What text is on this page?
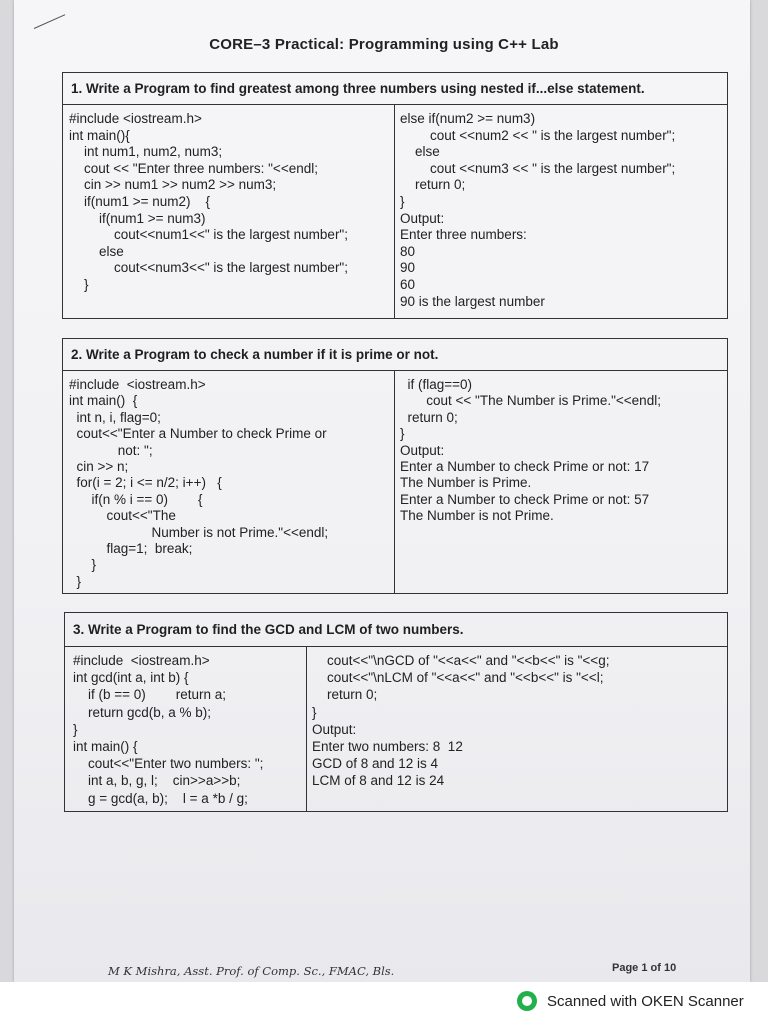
CORE–3 Practical: Programming using C++ Lab
1. Write a Program to find greatest among three numbers using nested if...else statement.
#include <iostream.h>
int main(){
int num1, num2, num3;
cout << "Enter three numbers: "<<endl;
cin >> num1 >> num2 >> num3;
if(num1 >= num2)    {
if(num1 >= num3)
cout<<num1<<" is the largest number";
else
cout<<num3<<" is the largest number";
}
else if(num2 >= num3)
cout <<num2 << " is the largest number";
else
cout <<num3 << " is the largest number";
return 0;
}
Output:
Enter three numbers:
80
90
60
90 is the largest number
2. Write a Program to check a number if it is prime or not.
#include  <iostream.h>
int main()  {
int n, i, flag=0;
cout<<"Enter a Number to check Prime or
not: ";
cin >> n;
for(i = 2; i <= n/2; i++)   {
if(n % i == 0)        {
cout<<"The
Number is not Prime."<<endl;
flag=1;  break;
}
}
if (flag==0)
cout << "The Number is Prime."<<endl;
return 0;
}
Output:
Enter a Number to check Prime or not: 17
The Number is Prime.
Enter a Number to check Prime or not: 57
The Number is not Prime.
3. Write a Program to find the GCD and LCM of two numbers.
#include  <iostream.h>
int gcd(int a, int b) {
if (b == 0)        return a;
return gcd(b, a % b);
}
int main() {
cout<<"Enter two numbers: ";
int a, b, g, l;    cin>>a>>b;
g = gcd(a, b);    l = a *b / g;
cout<<"\nGCD of "<<a<<" and "<<b<<" is "<<g;
cout<<"\nLCM of "<<a<<" and "<<b<<" is "<<l;
return 0;
}
Output:
Enter two numbers: 8  12
GCD of 8 and 12 is 4
LCM of 8 and 12 is 24
M K Mishra, Asst. Prof. of Comp. Sc., FMAC, Bls.	Page 1 of 10
Scanned with OKEN Scanner
